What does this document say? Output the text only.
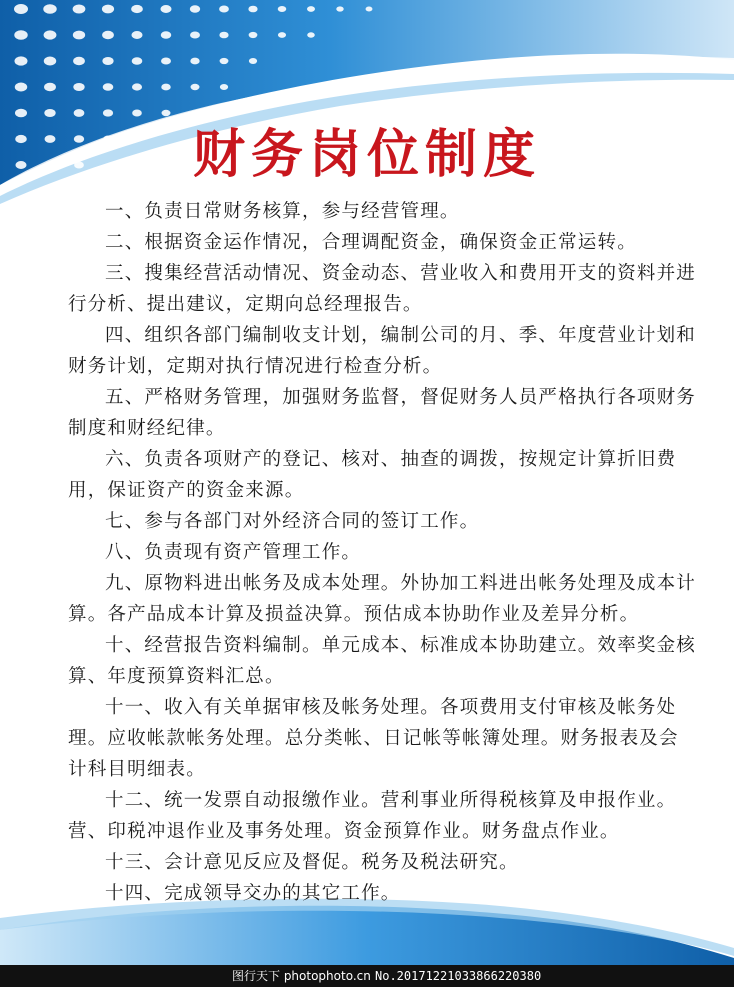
财务岗位制度

一、负责日常财务核算，参与经营管理。

二、根据资金运作情况，合理调配资金，确保资金正常运转。

三、搜集经营活动情况、资金动态、营业收入和费用开支的资料并进行分析、提出建议，定期向总经理报告。

四、组织各部门编制收支计划，编制公司的月、季、年度营业计划和财务计划，定期对执行情况进行检查分析。

五、严格财务管理，加强财务监督，督促财务人员严格执行各项财务制度和财经纪律。

六、负责各项财产的登记、核对、抽查的调拨，按规定计算折旧费用，保证资产的资金来源。

七、参与各部门对外经济合同的签订工作。

八、负责现有资产管理工作。

九、原物料进出帐务及成本处理。外协加工料进出帐务处理及成本计算。各产品成本计算及损益决算。预估成本协助作业及差异分析。

十、经营报告资料编制。单元成本、标准成本协助建立。效率奖金核算、年度预算资料汇总。

十一、收入有关单据审核及帐务处理。各项费用支付审核及帐务处理。应收帐款帐务处理。总分类帐、日记帐等帐簿处理。财务报表及会计科目明细表。

十二、统一发票自动报缴作业。营利事业所得税核算及申报作业。营、印税冲退作业及事务处理。资金预算作业。财务盘点作业。

十三、会计意见反应及督促。税务及税法研究。

十四、完成领导交办的其它工作。

图行天下 photophoto.cn No.20171221033866220380
